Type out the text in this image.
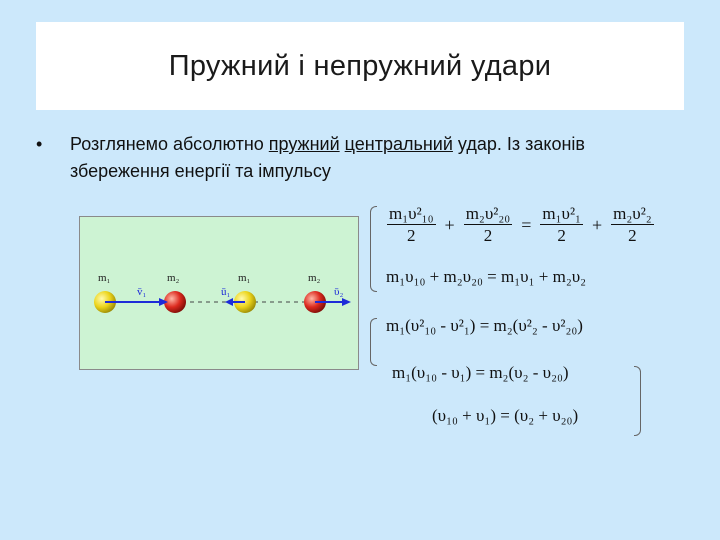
Пружний і непружний удари
• Розглянемо абсолютно пружний центральний удар. Із законів збереження енергії та імпульсу
m₁	m₂	m₁	m₂
v̄₁	ū₁	ῡ₂
$\frac{\text{m₁υ²₁₀}}{2} + \frac{\text{m₂υ²₂₀}}{2} = \frac{\text{m₁υ²₁}}{2} + \frac{\text{m₂υ²₂}}{2}$
m₁υ₁₀ + m₂υ₂₀ = m₁υ₁ + m₂υ₂
m₁(υ²₁₀ - υ²₁) = m₂(υ²₂ - υ²₂₀)
m₁(υ₁₀ - υ₁) = m₂(υ₂ - υ₂₀)
(υ₁₀ + υ₁) = (υ₂ + υ₂₀)
